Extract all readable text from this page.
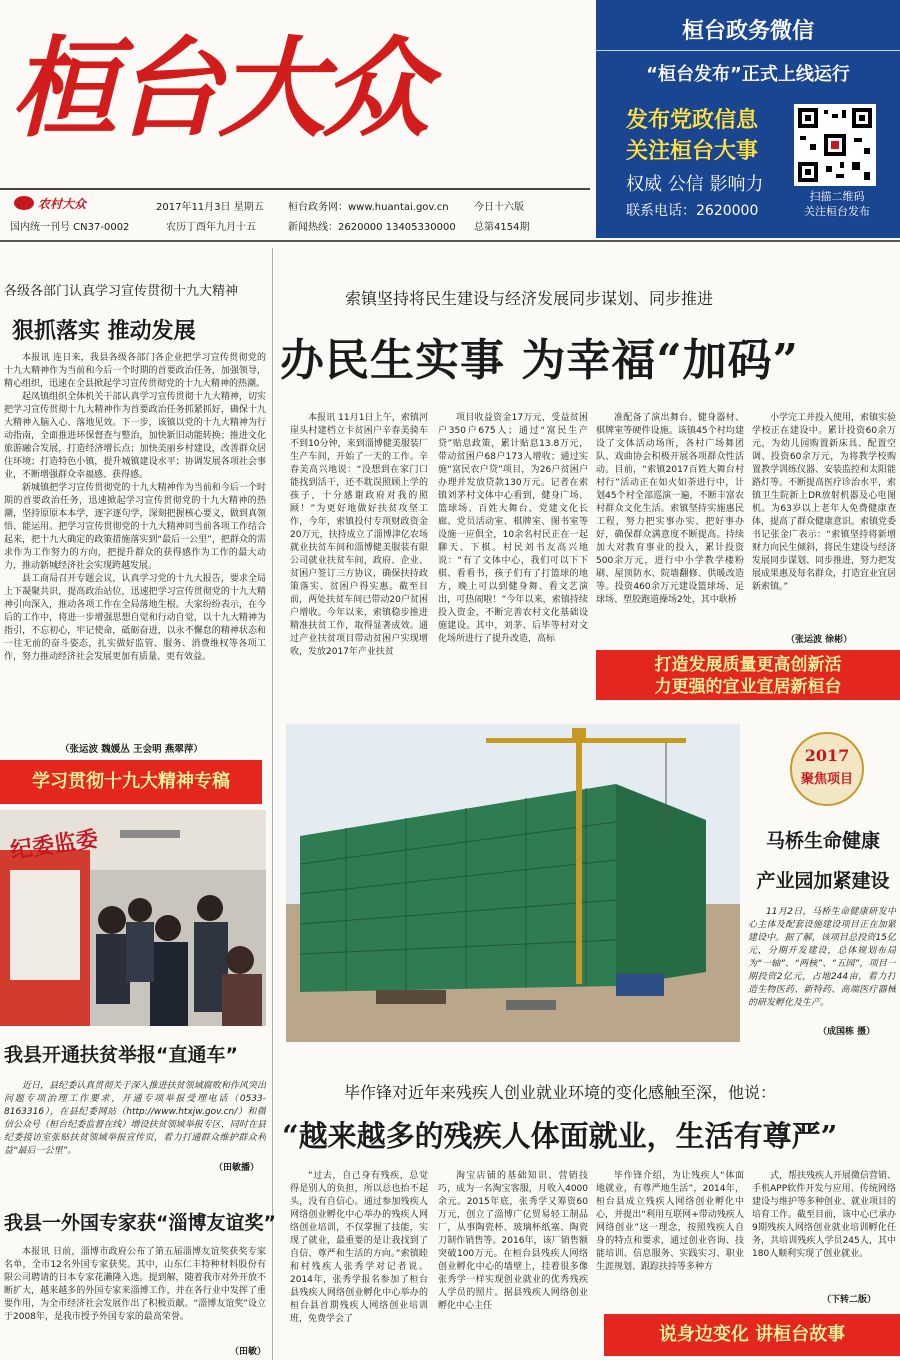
桓台大众
农村大众
国内统一刊号 CN37-0002
2017年11月3日 星期五
农历丁酉年九月十五
桓台政务网：www.huantai.gov.cn
新闻热线：2620000 13405330000
今日十六版
总第4154期
桓台政务微信
“桓台发布”正式上线运行
发布党政信息
关注桓台大事
权威 公信 影响力
联系电话：2620000
扫描二维码
关注桓台发布
各级各部门认真学习宣传贯彻十九大精神
狠抓落实 推动发展

本报讯 连日来，我县各级各部门各企业把学习宣传贯彻党的十九大精神作为当前和今后一个时期的首要政治任务，加强领导，精心组织，迅速在全县掀起学习宣传贯彻党的十九大精神的热潮。

起凤镇组织全体机关干部认真学习宣传贯彻十九大精神，切实把学习宣传贯彻十九大精神作为首要政治任务抓紧抓好，确保十九大精神入脑入心、落地见效。下一步，该镇以党的十九大精神为行动指南，全面推进环保督查与整治，加快新旧动能转换；推进文化旅游融合发展，打造经济增长点；加快美丽乡村建设，改善群众居住环境；打造特色小镇，提升城镇建设水平；协调发展各项社会事业，不断增强群众幸福感、获得感。

新城镇把学习宣传贯彻党的十九大精神作为当前和今后一个时期的首要政治任务，迅速掀起学习宣传贯彻党的十九大精神的热潮，坚持原原本本学，逐字逐句学，深刻把握核心要义，做到真领悟、能运用。把学习宣传贯彻党的十九大精神同当前各项工作结合起来，把十九大确定的政策措施落实到“最后一公里”，把群众的需求作为工作努力的方向，把提升群众的获得感作为工作的最大动力，推动新城经济社会实现跨越发展。

县工商局召开专题会议，认真学习党的十九大报告，要求全局上下凝聚共识，提高政治站位，迅速把学习宣传贯彻党的十九大精神引向深入，推动各项工作在全局落地生根。大家纷纷表示，在今后的工作中，将进一步增强思想自觉和行动自觉，以十九大精神为指引，不忘初心，牢记使命，砥砺奋进，以永不懈怠的精神状态和一往无前的奋斗姿态，扎实做好监管、服务、消费维权等各项工作，努力推动经济社会发展更加有质量、更有效益。

（张运波 魏媛丛 王会明 燕翠萍）
学习贯彻十九大精神专稿
纪委监委
我县开通扶贫举报“直通车”

近日，县纪委认真贯彻关于深入推进扶贫领域腐败和作风突出问题专项治理工作要求，开通专项举报受理电话（0533-8163316），在县纪委网站（http://www.htxjw.gov.cn/）和微信公众号（桓台纪委监督在线）增设扶贫领域举报专区，同时在县纪委接访室张贴扶贫领域举报宣传页，着力打通群众维护群众利益“最后一公里”。

（田敏播）
我县一外国专家获“淄博友谊奖”

本报讯 日前，淄博市政府公布了第五届淄博友谊奖获奖专家名单，全市12名外国专家获奖。其中，山东仁丰特种材料股份有限公司聘请的日本专家花濑隆入选。提到解，随着我市对外开放不断扩大，越来越多的外国专家来淄博工作，并在各行业中发挥了重要作用，为全市经济社会发展作出了积极贡献。“淄博友谊奖”设立于2008年，是我市授予外国专家的最高荣誉。

（田敏）
索镇坚持将民生建设与经济发展同步谋划、同步推进
办民生实事 为幸福“加码”

本报讯 11月1日上午，索镇河崖头村建档立卡贫困户辛春美骑车不到10分钟，来到淄博健美服装厂生产车间，开始了一天的工作。辛春美高兴地说：“没想到在家门口能找到活干，还不耽误照顾上学的孩子，十分感谢政府对我的照顾！”为更好地做好扶贫攻坚工作，今年，索镇投付专项财政资金20万元，扶持成立了淄博津亿农场就业扶贫车间和淄博健美服装有限公司就业扶贫车间，政府、企业、贫困户签订三方协议，确保扶持政策落实、贫困户得实惠。截至目前，两处扶贫车间已带动20户贫困户增收。今年以来，索镇稳步推进精准扶贫工作，取得显著成效。通过产业扶贫项目带动贫困户实现增收，发放2017年产业扶贫

项目收益资金17万元，受益贫困户350户675人；通过“富民生产贷”贴息政策，累计贴息13.8万元，带动贫困户68户173人增收；通过实施“富民农户贷”项目，为26户贫困户办理并发放贷款130万元。记者在索镇刘茅村文体中心看到，健身广场、篮球场、百姓大舞台、党建文化长廊、党员活动室、棋牌室、图书室等设施一应俱全，10余名村民正在一起聊天、下棋。村民刘书友高兴地说：“有了文体中心，我们可以下下棋、看看书，孩子们有了打篮球的地方，晚上可以到健身舞、看文艺演出，可热闹啦！”今年以来，索镇持续投入资金，不断完善农村文化基础设施建设。其中，刘茅、后毕等村对文化场所进行了提升改造，高标

准配备了演出舞台、健身器材、棋牌室等硬件设施。该镇45个村均建设了文体活动场所，各村广场舞团队、戏曲协会积极开展各项群众性活动。目前，“索镇2017百姓大舞台村村行”活动正在如火如荼进行中，计划45个村全部巡演一遍，不断丰富农村群众文化生活。索镇坚持实施惠民工程，努力把实事办实、把好事办好，确保群众满意度不断提高。持续加大对教育事业的投入，累计投资500余万元，进行中小学教学楼粉刷、屋顶防水、院墙翻修、供暖改造等。投资460余万元建设篮球场、足球场、塑胶跑道操场2处，其中耿桥

小学完工并投入使用，索镇实验学校正在建设中。累计投资60余万元，为幼儿园购置新床具、配置空调、投资60余万元，为将教学校购置教学训练仪器、安装监控和太阳能路灯等。不断提高医疗诊治水平，索镇卫生院新上DR放射机器及心电图机。为63岁以上老年人免费健康查体，提高了群众健康意识。索镇党委书记张金广表示：“索镇坚持将新增财力向民生倾斜，将民生建设与经济发展同步谋划、同步推进，努力把发展成果惠及每名群众，打造宜业宜居新索镇。”

（张运波 徐彬）
打造发展质量更高创新活
力更强的宜业宜居新桓台
2017
聚焦项目
马桥生命健康
产业园加紧建设

11月2日，马桥生命健康研发中心主体及配套设施建设项目正在加紧建设中。据了解，该项目总投资15亿元，分期开发建设，总体规划布局为“一轴”、“两核”、“五园”，项目一期投资2亿元，占地244亩，着力打造生物医药、新特药、高端医疗器械的研发孵化及生产。

（成国栋 摄）
毕作锋对近年来残疾人创业就业环境的变化感触至深，他说：
“越来越多的残疾人体面就业，生活有尊严”

“过去，自己身有残疾，总觉得是别人的负担，所以总也抬不起头，没有自信心。通过参加残疾人网络创业孵化中心举办的残疾人网络创业培训，不仅掌握了技能，实现了就业，最重要的是让我找到了自信、尊严和生活的方向。”索镇睦和村残疾人张秀学对记者说。2014年，张秀学报名参加了桓台县残疾人网络创业孵化中心举办的桓台县首期残疾人网络创业培训班，免费学会了

淘宝店铺的基础知识、营销技巧，成为一名淘宝客服，月收入4000余元。2015年底，张秀学又筹资60万元，创立了淄博广亿贸易轻工制品厂，从事陶瓷杯、玻璃杯纸塞、陶瓷刀制作销售等。2016年，该厂销售额突破100万元。在桓台县残疾人网络创业孵化中心的墙壁上，挂着很多像张秀学一样实现创业就业的优秀残疾人学员的照片。据县残疾人网络创业孵化中心主任

毕作锋介绍，为让残疾人“体面地就业，有尊严地生活”，2014年，桓台县成立残疾人网络创业孵化中心，并提出“利用互联网+带动残疾人网络创业”这一理念，按照残疾人自身的特点和要求，通过创业咨询、技能培训、信息服务、实践实习、职业生涯规划、跟踪扶持等多种方

式，帮扶残疾人开展微信营销、手机APP软件开发与应用、传统网络建设与维护等多种创业、就业项目的培育工作。截至目前，该中心已承办9期残疾人网络创业就业培训孵化任务，共培训残疾人学员245人，其中180人顺利实现了创业就业。

（下转二版）
说身边变化 讲桓台故事
